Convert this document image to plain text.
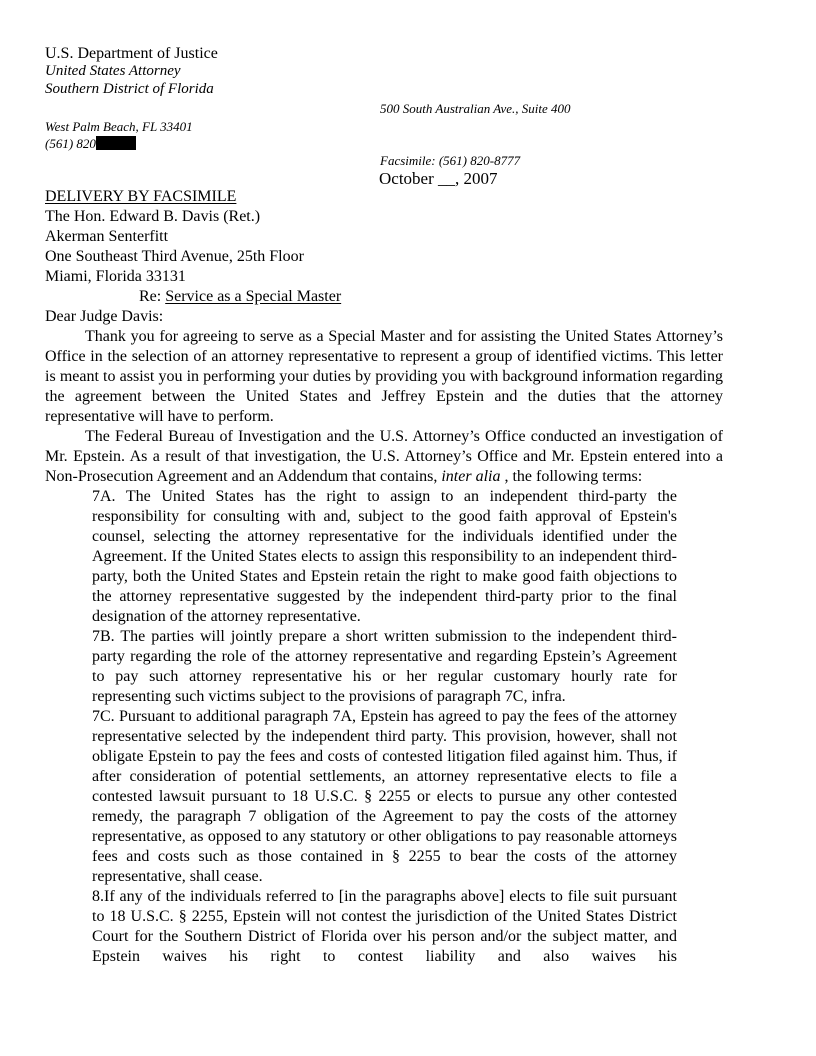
U.S. Department of Justice
United States Attorney
Southern District of Florida
500 South Australian Ave., Suite 400
West Palm Beach, FL 33401
(561) 820
Facsimile: (561) 820-8777
October __, 2007
DELIVERY BY FACSIMILE
The Hon. Edward B. Davis (Ret.)
Akerman Senterfitt
One Southeast Third Avenue, 25th Floor
Miami, Florida 33131
Re: Service as a Special Master
Dear Judge Davis:

Thank you for agreeing to serve as a Special Master and for assisting the United States Attorney’s Office in the selection of an attorney representative to represent a group of identified victims. This letter is meant to assist you in performing your duties by providing you with background information regarding the agreement between the United States and Jeffrey Epstein and the duties that the attorney representative will have to perform.

The Federal Bureau of Investigation and the U.S. Attorney’s Office conducted an investigation of Mr. Epstein. As a result of that investigation, the U.S. Attorney’s Office and Mr. Epstein entered into a Non-Prosecution Agreement and an Addendum that contains, inter alia , the following terms:

7A. The United States has the right to assign to an independent third-party the responsibility for consulting with and, subject to the good faith approval of Epstein's counsel, selecting the attorney representative for the individuals identified under the Agreement. If the United States elects to assign this responsibility to an independent third-party, both the United States and Epstein retain the right to make good faith objections to the attorney representative suggested by the independent third-party prior to the final designation of the attorney representative.
7B. The parties will jointly prepare a short written submission to the independent third-party regarding the role of the attorney representative and regarding Epstein’s Agreement to pay such attorney representative his or her regular customary hourly rate for representing such victims subject to the provisions of paragraph 7C, infra.
7C. Pursuant to additional paragraph 7A, Epstein has agreed to pay the fees of the attorney representative selected by the independent third party. This provision, however, shall not obligate Epstein to pay the fees and costs of contested litigation filed against him. Thus, if after consideration of potential settlements, an attorney representative elects to file a contested lawsuit pursuant to 18 U.S.C. § 2255 or elects to pursue any other contested remedy, the paragraph 7 obligation of the Agreement to pay the costs of the attorney representative, as opposed to any statutory or other obligations to pay reasonable attorneys fees and costs such as those contained in § 2255 to bear the costs of the attorney representative, shall cease.
8.If any of the individuals referred to [in the paragraphs above] elects to file suit pursuant to 18 U.S.C. § 2255, Epstein will not contest the jurisdiction of the United States District Court for the Southern District of Florida over his person and/or the subject matter, and Epstein waives his right to contest liability and also waives his
